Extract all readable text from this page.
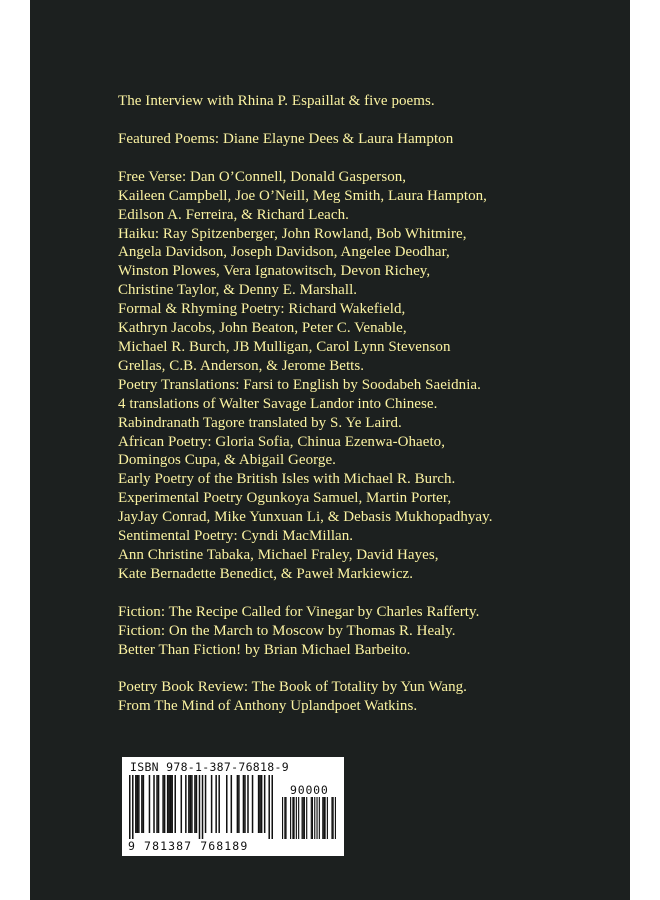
The Interview with Rhina P. Espaillat & five poems.
Featured Poems: Diane Elayne Dees & Laura Hampton
Free Verse: Dan O’Connell, Donald Gasperson,
Kaileen Campbell, Joe O’Neill, Meg Smith, Laura Hampton,
Edilson A. Ferreira, & Richard Leach.
Haiku: Ray Spitzenberger, John Rowland, Bob Whitmire,
Angela Davidson, Joseph Davidson, Angelee Deodhar,
Winston Plowes, Vera Ignatowitsch, Devon Richey,
Christine Taylor, & Denny E. Marshall.
Formal & Rhyming Poetry: Richard Wakefield,
Kathryn Jacobs, John Beaton, Peter C. Venable,
Michael R. Burch, JB Mulligan, Carol Lynn Stevenson
Grellas, C.B. Anderson, & Jerome Betts.
Poetry Translations: Farsi to English by Soodabeh Saeidnia.
4 translations of Walter Savage Landor into Chinese.
Rabindranath Tagore translated by S. Ye Laird.
African Poetry: Gloria Sofia, Chinua Ezenwa-Ohaeto,
Domingos Cupa, & Abigail George.
Early Poetry of the British Isles with Michael R. Burch.
Experimental Poetry Ogunkoya Samuel, Martin Porter,
JayJay Conrad, Mike Yunxuan Li, & Debasis Mukhopadhyay.
Sentimental Poetry: Cyndi MacMillan.
Ann Christine Tabaka, Michael Fraley, David Hayes,
Kate Bernadette Benedict, & Paweł Markiewicz.
Fiction: The Recipe Called for Vinegar by Charles Rafferty.
Fiction: On the March to Moscow by Thomas R. Healy.
Better Than Fiction! by Brian Michael Barbeito.
Poetry Book Review: The Book of Totality by Yun Wang.
From The Mind of Anthony Uplandpoet Watkins.
ISBN 978-1-387-76818-9
9 781387 768189
90000
